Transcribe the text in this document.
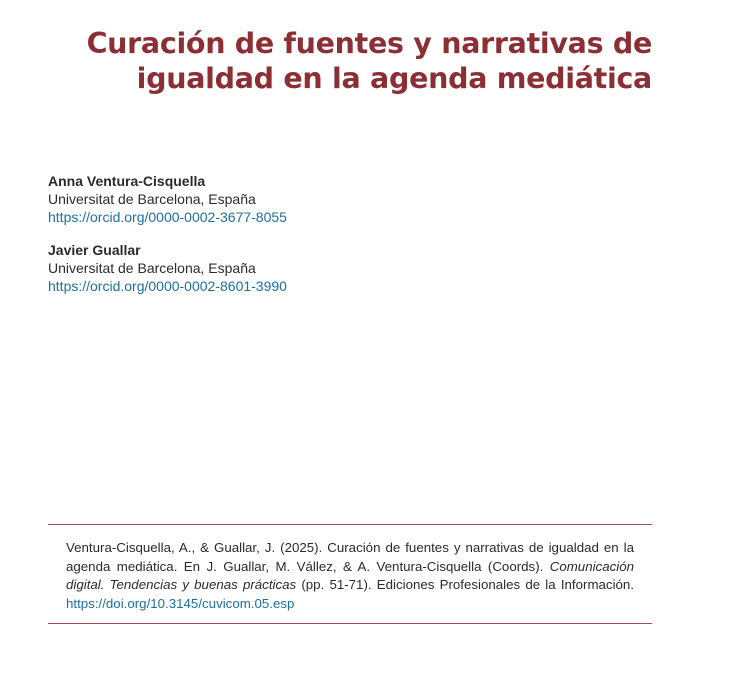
Curación de fuentes y narrativas de
igualdad en la agenda mediática
Anna Ventura-Cisquella
Universitat de Barcelona, España
https://orcid.org/0000-0002-3677-8055
Javier Guallar
Universitat de Barcelona, España
https://orcid.org/0000-0002-8601-3990

Ventura-Cisquella, A., & Guallar, J. (2025). Curación de fuentes y narrativas de igualdad en la agenda mediática. En J. Guallar, M. Vállez, & A. Ventura-Cisquella (Coords). Comunicación digital. Tendencias y buenas prácticas (pp. 51-71). Ediciones Profesionales de la Información. https://doi.org/10.3145/cuvicom.05.esp
